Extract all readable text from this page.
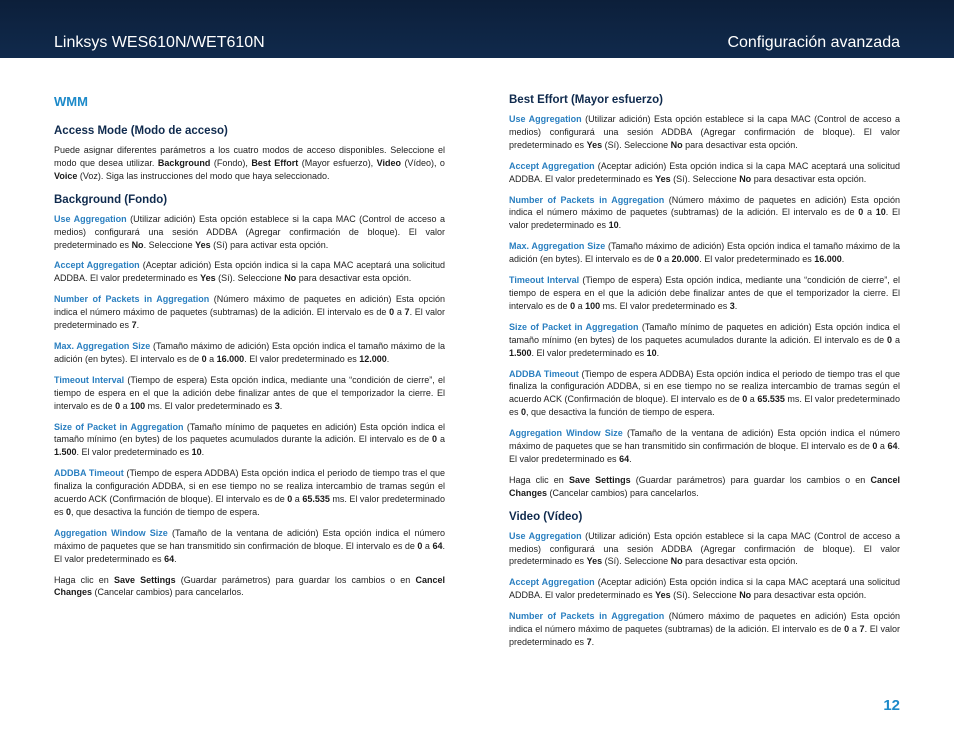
Linksys WES610N/WET610N	Configuración avanzada
WMM
Access Mode (Modo de acceso)

Puede asignar diferentes parámetros a los cuatro modos de acceso disponibles. Seleccione el modo que desea utilizar. Background (Fondo), Best Effort (Mayor esfuerzo), Video (Vídeo), o Voice (Voz). Siga las instrucciones del modo que haya seleccionado.

Background (Fondo)

Use Aggregation (Utilizar adición) Esta opción establece si la capa MAC (Control de acceso a medios) configurará una sesión ADDBA (Agregar confirmación de bloque). El valor predeterminado es No. Seleccione Yes (Sí) para activar esta opción.

Accept Aggregation (Aceptar adición) Esta opción indica si la capa MAC aceptará una solicitud ADDBA. El valor predeterminado es Yes (Sí). Seleccione No para desactivar esta opción.

Number of Packets in Aggregation (Número máximo de paquetes en adición) Esta opción indica el número máximo de paquetes (subtramas) de la adición. El intervalo es de 0 a 7. El valor predeterminado es 7.

Max. Aggregation Size (Tamaño máximo de adición) Esta opción indica el tamaño máximo de la adición (en bytes). El intervalo es de 0 a 16.000. El valor predeterminado es 12.000.

Timeout Interval (Tiempo de espera) Esta opción indica, mediante una “condición de cierre”, el tiempo de espera en el que la adición debe finalizar antes de que el temporizador la cierre. El intervalo es de 0 a 100 ms. El valor predeterminado es 3.

Size of Packet in Aggregation (Tamaño mínimo de paquetes en adición) Esta opción indica el tamaño mínimo (en bytes) de los paquetes acumulados durante la adición. El intervalo es de 0 a 1.500. El valor predeterminado es 10.

ADDBA Timeout (Tiempo de espera ADDBA) Esta opción indica el periodo de tiempo tras el que finaliza la configuración ADDBA, si en ese tiempo no se realiza intercambio de tramas según el acuerdo ACK (Confirmación de bloque). El intervalo es de 0 a 65.535 ms. El valor predeterminado es 0, que desactiva la función de tiempo de espera.

Aggregation Window Size (Tamaño de la ventana de adición) Esta opción indica el número máximo de paquetes que se han transmitido sin confirmación de bloque. El intervalo es de 0 a 64. El valor predeterminado es 64.

Haga clic en Save Settings (Guardar parámetros) para guardar los cambios o en Cancel Changes (Cancelar cambios) para cancelarlos.

Best Effort (Mayor esfuerzo)

Use Aggregation (Utilizar adición) Esta opción establece si la capa MAC (Control de acceso a medios) configurará una sesión ADDBA (Agregar confirmación de bloque). El valor predeterminado es Yes (Sí). Seleccione No para desactivar esta opción.

Accept Aggregation (Aceptar adición) Esta opción indica si la capa MAC aceptará una solicitud ADDBA. El valor predeterminado es Yes (Sí). Seleccione No para desactivar esta opción.

Number of Packets in Aggregation (Número máximo de paquetes en adición) Esta opción indica el número máximo de paquetes (subtramas) de la adición. El intervalo es de 0 a 10. El valor predeterminado es 10.

Max. Aggregation Size (Tamaño máximo de adición) Esta opción indica el tamaño máximo de la adición (en bytes). El intervalo es de 0 a 20.000. El valor predeterminado es 16.000.

Timeout Interval (Tiempo de espera) Esta opción indica, mediante una “condición de cierre”, el tiempo de espera en el que la adición debe finalizar antes de que el temporizador la cierre. El intervalo es de 0 a 100 ms. El valor predeterminado es 3.

Size of Packet in Aggregation (Tamaño mínimo de paquetes en adición) Esta opción indica el tamaño mínimo (en bytes) de los paquetes acumulados durante la adición. El intervalo es de 0 a 1.500. El valor predeterminado es 10.

ADDBA Timeout (Tiempo de espera ADDBA) Esta opción indica el periodo de tiempo tras el que finaliza la configuración ADDBA, si en ese tiempo no se realiza intercambio de tramas según el acuerdo ACK (Confirmación de bloque). El intervalo es de 0 a 65.535 ms. El valor predeterminado es 0, que desactiva la función de tiempo de espera.

Aggregation Window Size (Tamaño de la ventana de adición) Esta opción indica el número máximo de paquetes que se han transmitido sin confirmación de bloque. El intervalo es de 0 a 64. El valor predeterminado es 64.

Haga clic en Save Settings (Guardar parámetros) para guardar los cambios o en Cancel Changes (Cancelar cambios) para cancelarlos.

Video (Vídeo)

Use Aggregation (Utilizar adición) Esta opción establece si la capa MAC (Control de acceso a medios) configurará una sesión ADDBA (Agregar confirmación de bloque). El valor predeterminado es Yes (Sí). Seleccione No para desactivar esta opción.

Accept Aggregation (Aceptar adición) Esta opción indica si la capa MAC aceptará una solicitud ADDBA. El valor predeterminado es Yes (Sí). Seleccione No para desactivar esta opción.

Number of Packets in Aggregation (Número máximo de paquetes en adición) Esta opción indica el número máximo de paquetes (subtramas) de la adición. El intervalo es de 0 a 7. El valor predeterminado es 7.

12
